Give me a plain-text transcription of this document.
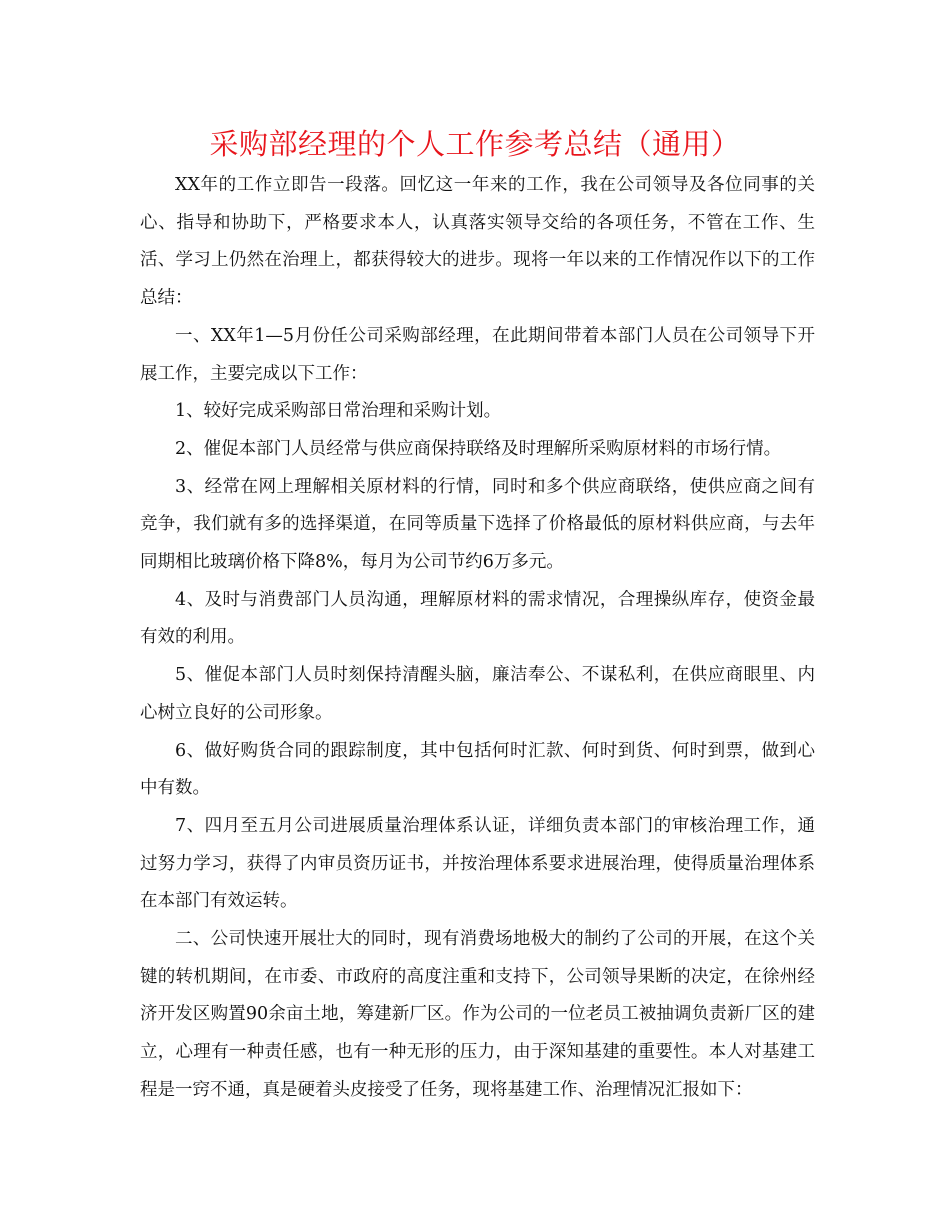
采购部经理的个人工作参考总结（通用）

XX年的工作立即告一段落。回忆这一年来的工作，我在公司领导及各位同事的关心、指导和协助下，严格要求本人，认真落实领导交给的各项任务，不管在工作、生活、学习上仍然在治理上，都获得较大的进步。现将一年以来的工作情况作以下的工作总结：

一、XX年1—5月份任公司采购部经理，在此期间带着本部门人员在公司领导下开展工作，主要完成以下工作：

1、较好完成采购部日常治理和采购计划。

2、催促本部门人员经常与供应商保持联络及时理解所采购原材料的市场行情。

3、经常在网上理解相关原材料的行情，同时和多个供应商联络，使供应商之间有竞争，我们就有多的选择渠道，在同等质量下选择了价格最低的原材料供应商，与去年同期相比玻璃价格下降8%，每月为公司节约6万多元。

4、及时与消费部门人员沟通，理解原材料的需求情况，合理操纵库存，使资金最有效的利用。

5、催促本部门人员时刻保持清醒头脑，廉洁奉公、不谋私利，在供应商眼里、内心树立良好的公司形象。

6、做好购货合同的跟踪制度，其中包括何时汇款、何时到货、何时到票，做到心中有数。

7、四月至五月公司进展质量治理体系认证，详细负责本部门的审核治理工作，通过努力学习，获得了内审员资历证书，并按治理体系要求进展治理，使得质量治理体系在本部门有效运转。

二、公司快速开展壮大的同时，现有消费场地极大的制约了公司的开展，在这个关键的转机期间，在市委、市政府的高度注重和支持下，公司领导果断的决定，在徐州经济开发区购置90余亩土地，筹建新厂区。作为公司的一位老员工被抽调负责新厂区的建立，心理有一种责任感，也有一种无形的压力，由于深知基建的重要性。本人对基建工程是一窍不通，真是硬着头皮接受了任务，现将基建工作、治理情况汇报如下：
